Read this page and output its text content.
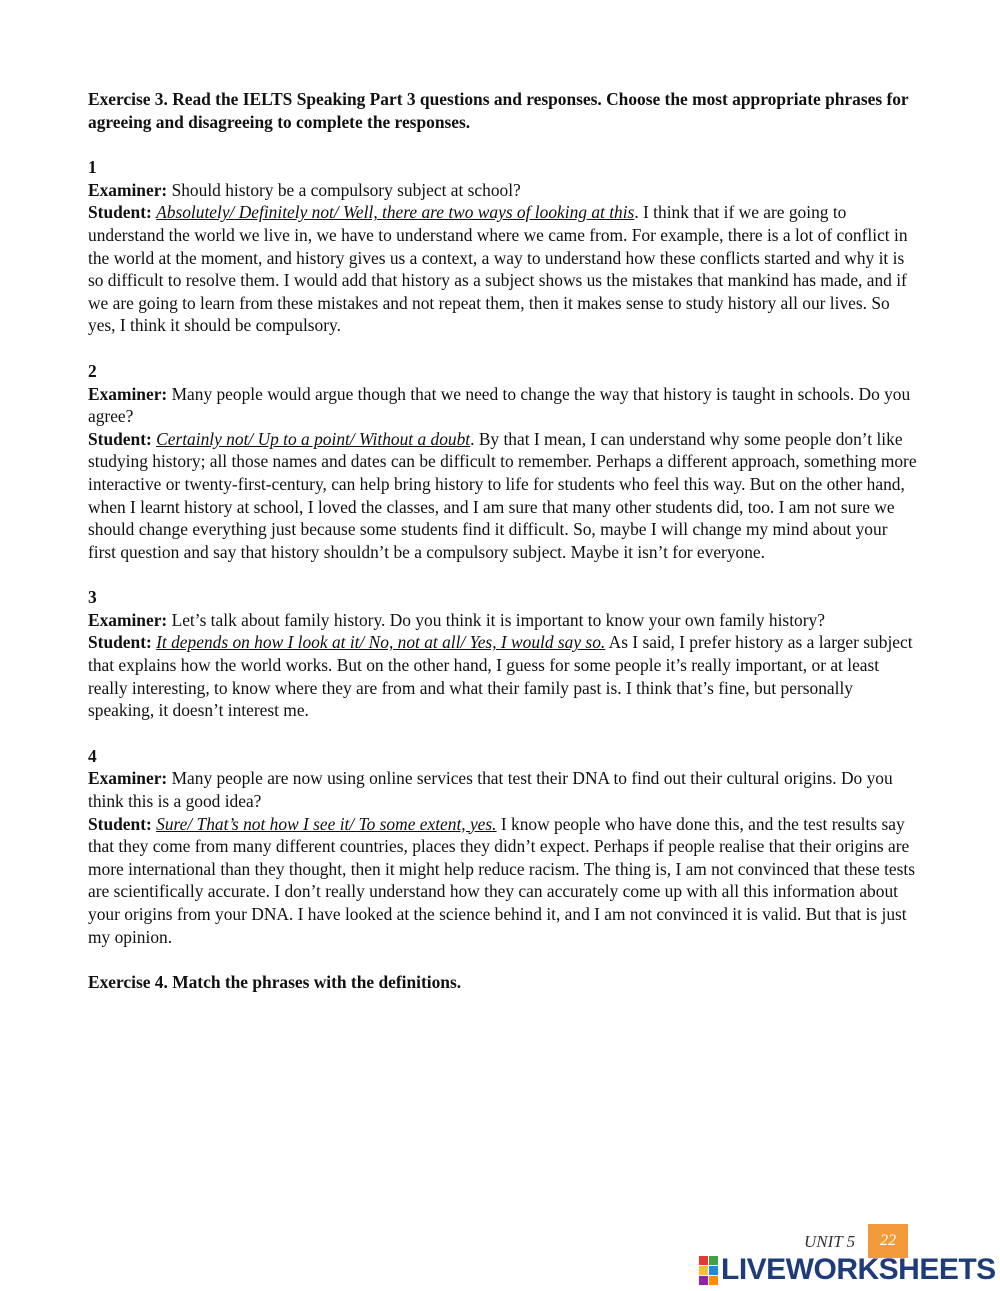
Exercise 3. Read the IELTS Speaking Part 3 questions and responses. Choose the most appropriate phrases for agreeing and disagreeing to complete the responses.

1

Examiner: Should history be a compulsory subject at school?

Student: Absolutely/ Definitely not/ Well, there are two ways of looking at this. I think that if we are going to understand the world we live in, we have to understand where we came from. For example, there is a lot of conflict in the world at the moment, and history gives us a context, a way to understand how these conflicts started and why it is so difficult to resolve them. I would add that history as a subject shows us the mistakes that mankind has made, and if we are going to learn from these mistakes and not repeat them, then it makes sense to study history all our lives. So yes, I think it should be compulsory.

2

Examiner: Many people would argue though that we need to change the way that history is taught in schools. Do you agree?

Student: Certainly not/ Up to a point/ Without a doubt. By that I mean, I can understand why some people don’t like studying history; all those names and dates can be difficult to remember. Perhaps a different approach, something more interactive or twenty-first-century, can help bring history to life for students who feel this way. But on the other hand, when I learnt history at school, I loved the classes, and I am sure that many other students did, too. I am not sure we should change everything just because some students find it difficult. So, maybe I will change my mind about your first question and say that history shouldn’t be a compulsory subject. Maybe it isn’t for everyone.

3

Examiner: Let’s talk about family history. Do you think it is important to know your own family history?

Student: It depends on how I look at it/ No, not at all/ Yes, I would say so. As I said, I prefer history as a larger subject that explains how the world works. But on the other hand, I guess for some people it’s really important, or at least really interesting, to know where they are from and what their family past is. I think that’s fine, but personally speaking, it doesn’t interest me.

4

Examiner: Many people are now using online services that test their DNA to find out their cultural origins. Do you think this is a good idea?

Student: Sure/ That’s not how I see it/ To some extent, yes. I know people who have done this, and the test results say that they come from many different countries, places they didn’t expect. Perhaps if people realise that their origins are more international than they thought, then it might help reduce racism. The thing is, I am not convinced that these tests are scientifically accurate. I don’t really understand how they can accurately come up with all this information about your origins from your DNA. I have looked at the science behind it, and I am not convinced it is valid. But that is just my opinion.

Exercise 4. Match the phrases with the definitions.

UNIT 5	22
LIVEWORKSHEETS
